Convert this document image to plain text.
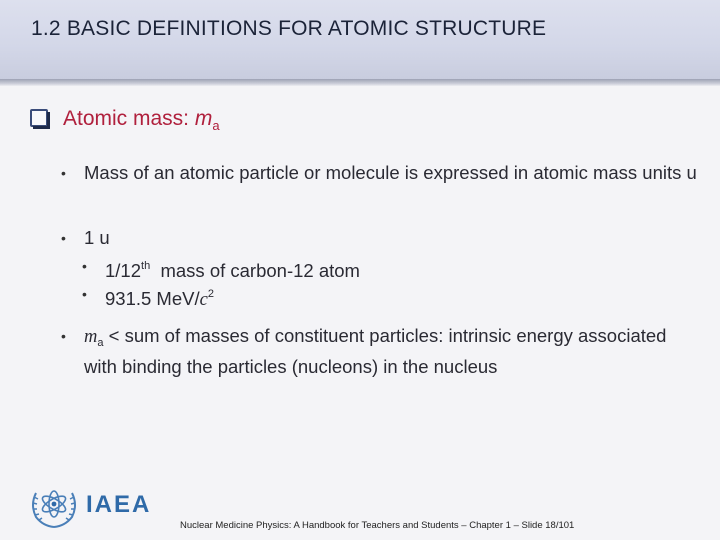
1.2 BASIC DEFINITIONS FOR ATOMIC STRUCTURE
Atomic mass: $m_a$
• Mass of an atomic particle or molecule is expressed in atomic mass units u
• 1 u
• 1/12th  mass of carbon-12 atom
• 931.5 MeV/$c^2$
• $m_a$ < sum of masses of constituent particles: intrinsic energy associated with binding the particles (nucleons) in the nucleus
IAEA
Nuclear Medicine Physics: A Handbook for Teachers and Students – Chapter 1 – Slide 18/101
